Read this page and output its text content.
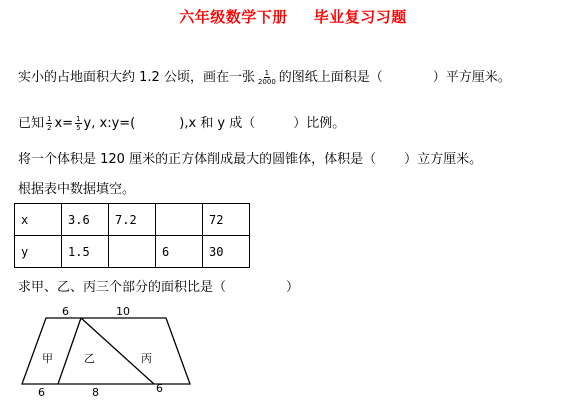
六年级数学下册 毕业复习习题
实小的占地面积大约 1.2 公顷，画在一张 $\frac{1}{2000}$ 的图纸上面积是（	）平方厘米。
已知 $\frac{1}{2} x= \frac{1}{5} y$, x:y=(	),x 和 y 成（	）比例。
将一个体积是 120 厘米的正方体削成最大的圆锥体，体积是（ ）立方厘米。
根据表中数据填空。
x	3.6	7.2		72
y	1.5		6	30
求甲、乙、丙三个部分的面积比是（	）
6	10
6	8	6
甲	乙	丙
